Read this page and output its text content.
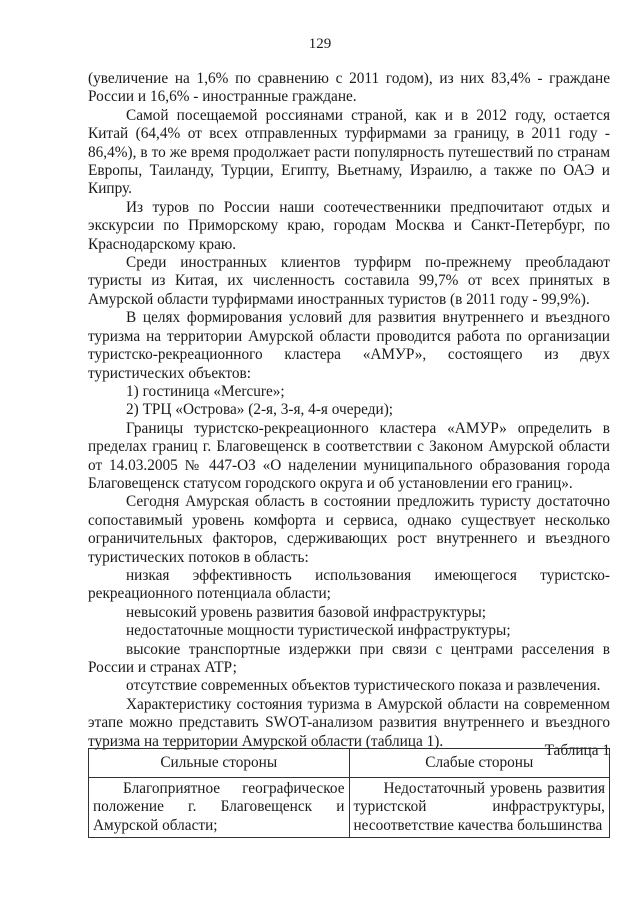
129

(увеличение на 1,6% по сравнению с 2011 годом), из них 83,4% - граждане России и 16,6% - иностранные граждане.

Самой посещаемой россиянами страной, как и в 2012 году, остается Китай (64,4% от всех отправленных турфирмами за границу, в 2011 году - 86,4%), в то же время продолжает расти популярность путешествий по странам Европы, Таиланду, Турции, Египту, Вьетнаму, Израилю, а также по ОАЭ и Кипру.

Из туров по России наши соотечественники предпочитают отдых и экскурсии по Приморскому краю, городам Москва и Санкт-Петербург, по Краснодарскому краю.

Среди иностранных клиентов турфирм по-прежнему преобладают туристы из Китая, их численность составила 99,7% от всех принятых в Амурской области турфирмами иностранных туристов (в 2011 году - 99,9%).

В целях формирования условий для развития внутреннего и въездного туризма на территории Амурской области проводится работа по организации туристско-рекреационного кластера «АМУР», состоящего из двух туристических объектов:

1) гостиница «Mercure»;

2) ТРЦ «Острова» (2-я, 3-я, 4-я очереди);

Границы туристско-рекреационного кластера «АМУР» определить в пределах границ г. Благовещенск в соответствии с Законом Амурской области от 14.03.2005 № 447-ОЗ «О наделении муниципального образования города Благовещенск статусом городского округа и об установлении его границ».

Сегодня Амурская область в состоянии предложить туристу достаточно сопоставимый уровень комфорта и сервиса, однако существует несколько ограничительных факторов, сдерживающих рост внутреннего и въездного туристических потоков в область:

низкая эффективность использования имеющегося туристско-рекреационного потенциала области;

невысокий уровень развития базовой инфраструктуры;

недостаточные мощности туристической инфраструктуры;

высокие транспортные издержки при связи с центрами расселения в России и странах АТР;

отсутствие современных объектов туристического показа и развлечения.

Характеристику состояния туризма в Амурской области на современном этапе можно представить SWOT-анализом развития внутреннего и въездного туризма на территории Амурской области (таблица 1).

Таблица 1
Сильные стороны	Слабые стороны
Благоприятное географическое положение г. Благовещенск и Амурской области;	Недостаточный уровень развития туристской инфраструктуры, несоответствие качества большинства
